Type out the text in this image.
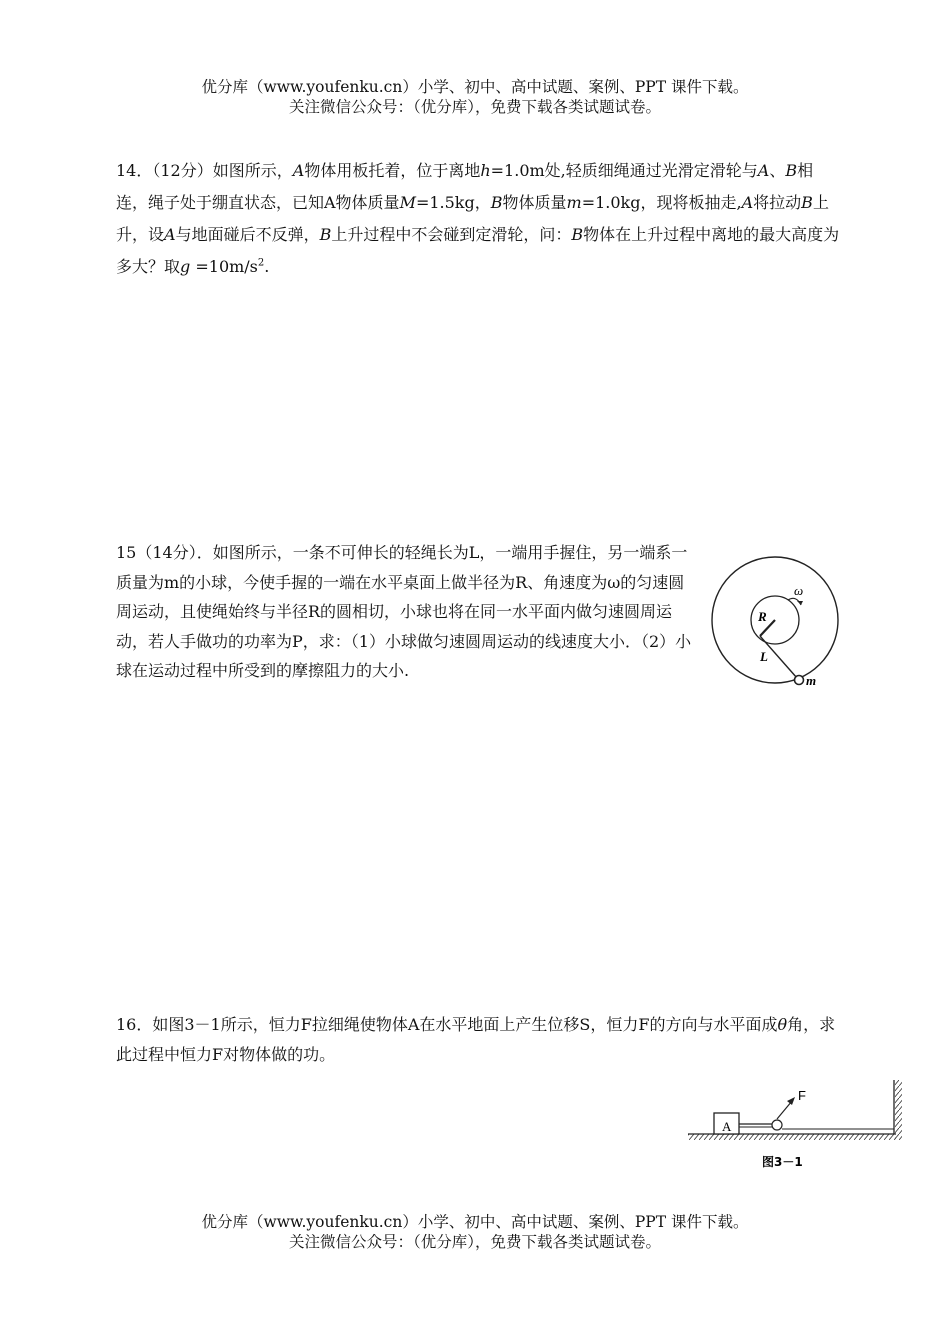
优分库（www.youfenku.cn）小学、初中、高中试题、案例、PPT 课件下载。
关注微信公众号：（优分库），免费下载各类试题试卷。
14．（12分）如图所示，A物体用板托着，位于离地h=1.0m处,轻质细绳通过光滑定滑轮与A、B相连，绳子处于绷直状态，已知A物体质量M=1.5kg，B物体质量m=1.0kg，现将板抽走,A将拉动B上升，设A与地面碰后不反弹，B上升过程中不会碰到定滑轮，问：B物体在上升过程中离地的最大高度为多大？取$g =10m/s^2$.
15（14分）．如图所示，一条不可伸长的轻绳长为L，一端用手握住，另一端系一质量为m的小球，今使手握的一端在水平桌面上做半径为R、角速度为ω的匀速圆周运动，且使绳始终与半径R的圆相切，小球也将在同一水平面内做匀速圆周运动，若人手做功的功率为P，求：（1）小球做匀速圆周运动的线速度大小．（2）小球在运动过程中所受到的摩擦阻力的大小.
R
ω
L
m
16．如图3－1所示，恒力F拉细绳使物体A在水平地面上产生位移S，恒力F的方向与水平面成θ角，求此过程中恒力F对物体做的功。
A
F
图3－1
优分库（www.youfenku.cn）小学、初中、高中试题、案例、PPT 课件下载。
关注微信公众号：（优分库），免费下载各类试题试卷。
